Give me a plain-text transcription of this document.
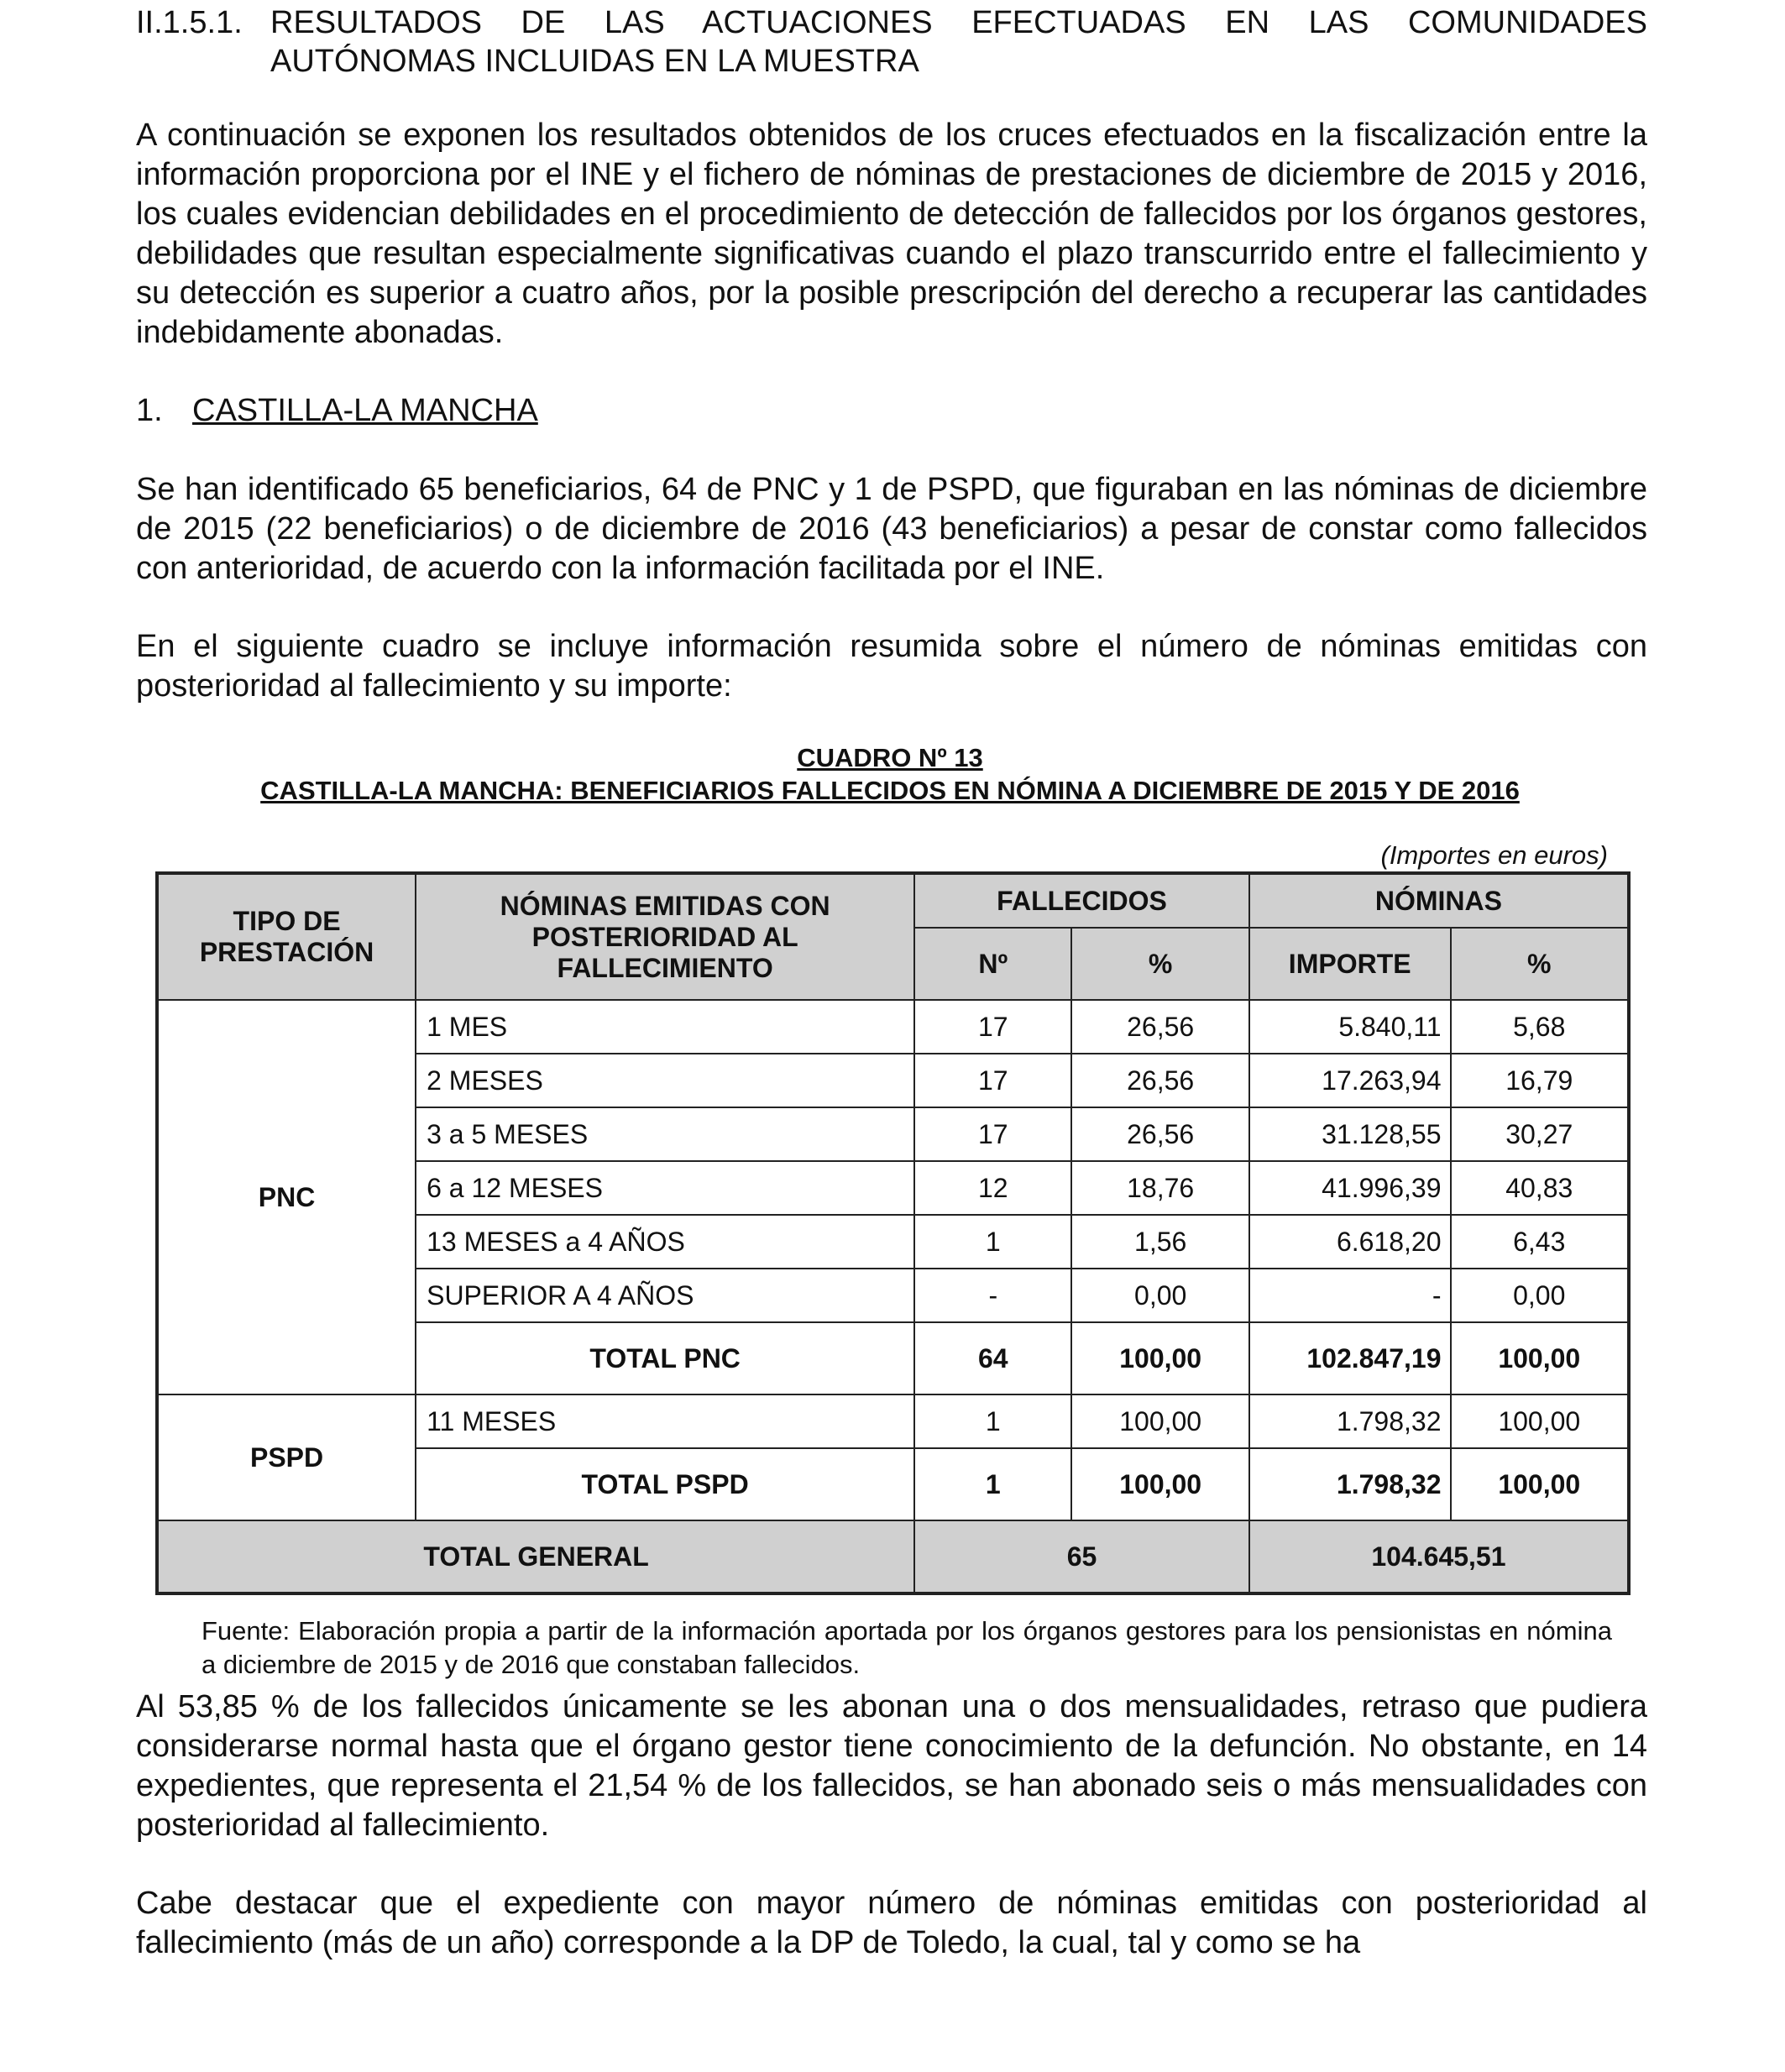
II.1.5.1. RESULTADOS DE LAS ACTUACIONES EFECTUADAS EN LAS COMUNIDADES
AUTÓNOMAS INCLUIDAS EN LA MUESTRA

A continuación se exponen los resultados obtenidos de los cruces efectuados en la fiscalización entre la información proporciona por el INE y el fichero de nóminas de prestaciones de diciembre de 2015 y 2016, los cuales evidencian debilidades en el procedimiento de detección de fallecidos por los órganos gestores, debilidades que resultan especialmente significativas cuando el plazo transcurrido entre el fallecimiento y su detección es superior a cuatro años, por la posible prescripción del derecho a recuperar las cantidades indebidamente abonadas.

1. CASTILLA-LA MANCHA

Se han identificado 65 beneficiarios, 64 de PNC y 1 de PSPD, que figuraban en las nóminas de diciembre de 2015 (22 beneficiarios) o de diciembre de 2016 (43 beneficiarios) a pesar de constar como fallecidos con anterioridad, de acuerdo con la información facilitada por el INE.

En el siguiente cuadro se incluye información resumida sobre el número de nóminas emitidas con posterioridad al fallecimiento y su importe:

CUADRO Nº 13
CASTILLA-LA MANCHA: BENEFICIARIOS FALLECIDOS EN NÓMINA A DICIEMBRE DE 2015 Y DE 2016
(Importes en euros)
TIPO DE PRESTACIÓN	NÓMINAS EMITIDAS CON POSTERIORIDAD AL FALLECIMIENTO	FALLECIDOS		NÓMINAS	
		Nº	%	IMPORTE	%
PNC	1 MES	17	26,56	5.840,11	5,68
	2 MESES	17	26,56	17.263,94	16,79
	3 a 5 MESES	17	26,56	31.128,55	30,27
	6 a 12 MESES	12	18,76	41.996,39	40,83
	13 MESES a 4 AÑOS	1	1,56	6.618,20	6,43
	SUPERIOR A 4 AÑOS	-	0,00	-	0,00
	TOTAL PNC	64	100,00	102.847,19	100,00
PSPD	11 MESES	1	100,00	1.798,32	100,00
	TOTAL PSPD	1	100,00	1.798,32	100,00
TOTAL GENERAL		65		104.645,51	
Fuente: Elaboración propia a partir de la información aportada por los órganos gestores para los pensionistas en nómina a diciembre de 2015 y de 2016 que constaban fallecidos.

Al 53,85 % de los fallecidos únicamente se les abonan una o dos mensualidades, retraso que pudiera considerarse normal hasta que el órgano gestor tiene conocimiento de la defunción. No obstante, en 14 expedientes, que representa el 21,54 % de los fallecidos, se han abonado seis o más mensualidades con posterioridad al fallecimiento.

Cabe destacar que el expediente con mayor número de nóminas emitidas con posterioridad al fallecimiento (más de un año) corresponde a la DP de Toledo, la cual, tal y como se ha
